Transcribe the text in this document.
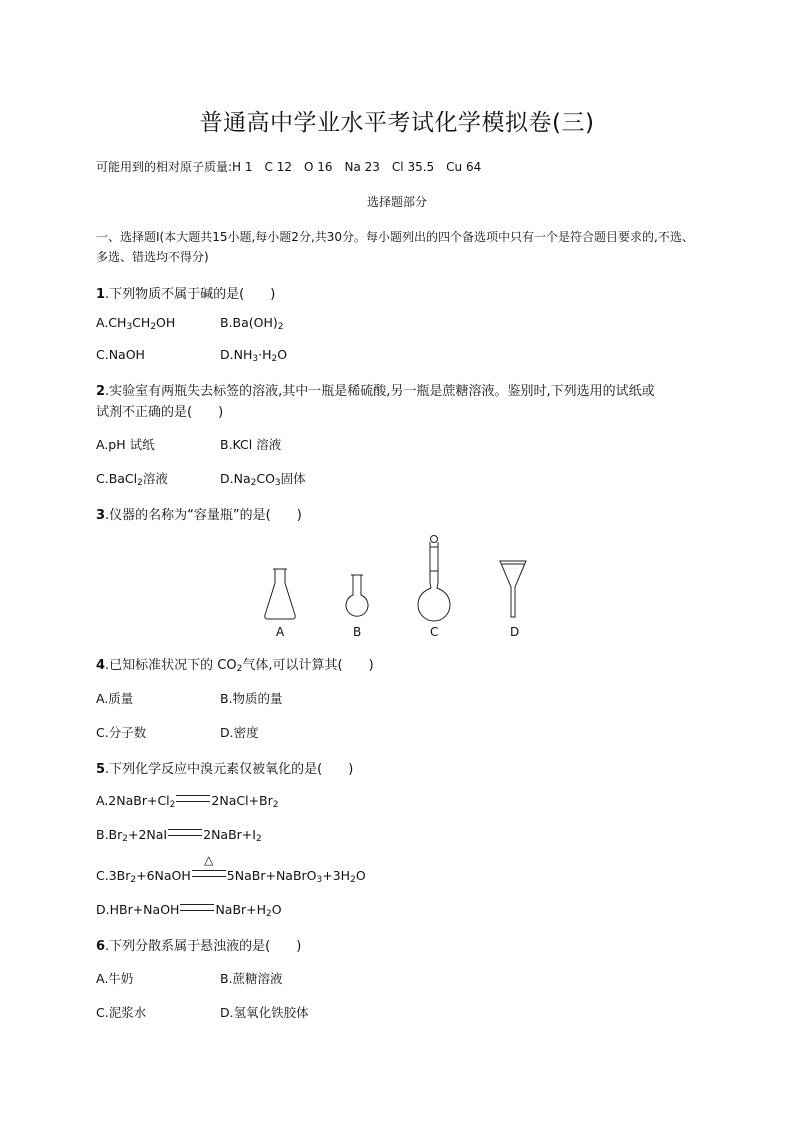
普通高中学业水平考试化学模拟卷(三)
可能用到的相对原子质量:H 1　C 12　O 16　Na 23　Cl 35.5　Cu 64
选择题部分
一、选择题Ⅰ(本大题共15小题,每小题2分,共30分。每小题列出的四个备选项中只有一个是符合题目要求的,不选、多选、错选均不得分)
1.下列物质不属于碱的是(　　)
$A.CH_3CH_2OH$	$B.Ba(OH)_2$
C.NaOH	$D.NH_3\cdot H_2O$
2.实验室有两瓶失去标签的溶液,其中一瓶是稀硫酸,另一瓶是蔗糖溶液。鉴别时,下列选用的试纸或
试剂不正确的是(　　)
A.pH 试纸	B.KCl 溶液
C.BaCl$_2$溶液	$D.Na_2CO_3$固体
3.仪器的名称为“容量瓶”的是(　　)
A	B	C	D
4.已知标准状况下的 $CO_2$气体,可以计算其(　　)
A.质量	B.物质的量
C.分子数	D.密度
5.下列化学反应中溴元素仅被氧化的是(　　)
$A.2NaBr+Cl_2$	$2NaCl+Br_2$
$B.Br_2+2NaI$	$2NaBr+I_2$
$C.3Br_2+6NaOH$
△
$5NaBr+NaBrO_3+3H_2O$
D.HBr+NaOH	$NaBr+H_2O$
6.下列分散系属于悬浊液的是(　　)
A.牛奶	B.蔗糖溶液
C.泥浆水	D.氢氧化铁胶体
